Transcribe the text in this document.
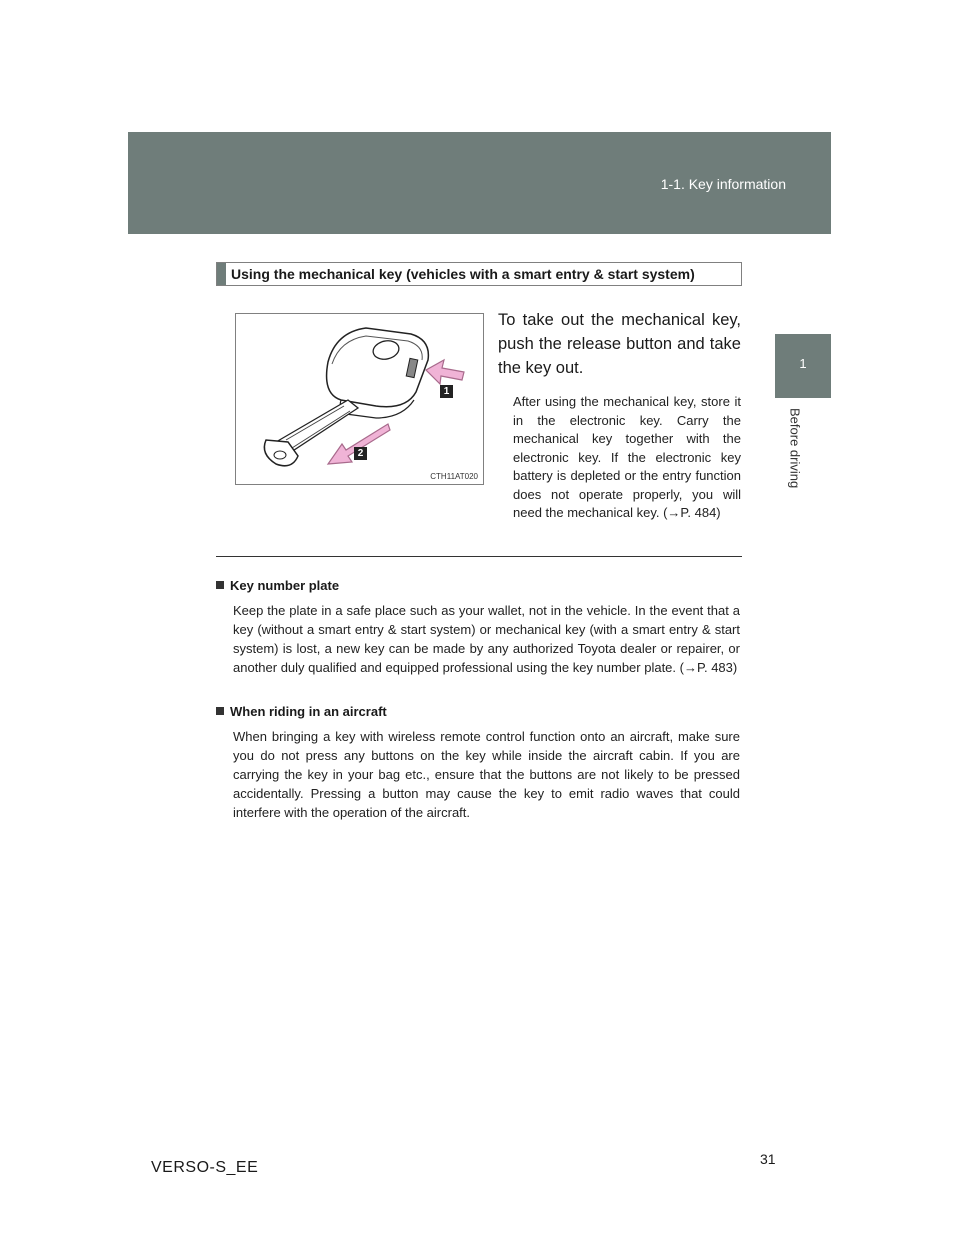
1-1. Key information
1
Before driving
Using the mechanical key (vehicles with a smart entry & start system)
1
2
CTH11AT020
To take out the mechanical key, push the release button and take the key out.
After using the mechanical key, store it in the electronic key. Carry the mechanical key together with the electronic key. If the electronic key battery is depleted or the entry function does not operate properly, you will need the mechanical key. (→P. 484)
Key number plate
Keep the plate in a safe place such as your wallet, not in the vehicle. In the event that a key (without a smart entry & start system) or mechanical key (with a smart entry & start system) is lost, a new key can be made by any authorized Toyota dealer or repairer, or another duly qualified and equipped professional using the key number plate. (→P. 483)
When riding in an aircraft
When bringing a key with wireless remote control function onto an aircraft, make sure you do not press any buttons on the key while inside the aircraft cabin. If you are carrying the key in your bag etc., ensure that the buttons are not likely to be pressed accidentally. Pressing a button may cause the key to emit radio waves that could interfere with the operation of the aircraft.
31
VERSO-S_EE
